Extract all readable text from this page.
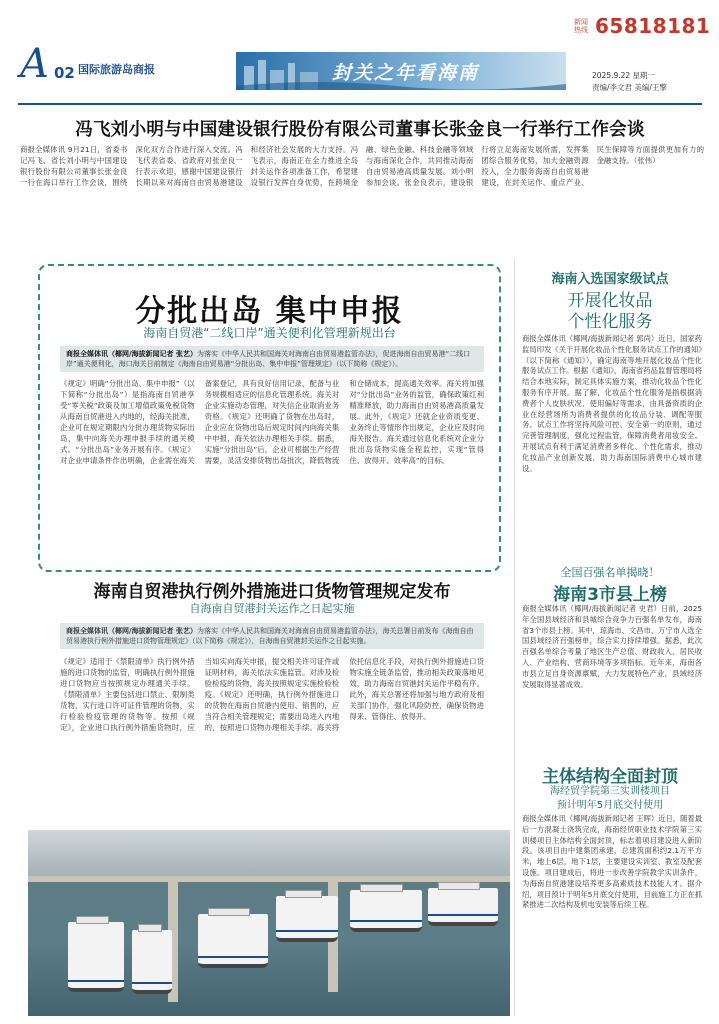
A 02 国际旅游岛商报	封关之年看海南
新闻热线 65818181
2025.9.22 星期一
责编/李文君 美编/王擎
冯飞刘小明与中国建设银行股份有限公司董事长张金良一行举行工作会谈
商报全媒体讯 9月21日，省委书记冯飞、省长刘小明与中国建设银行股份有限公司董事长张金良一行在海口举行工作会谈，围绕深化双方合作进行深入交流。冯飞代表省委、省政府对张金良一行表示欢迎，感谢中国建设银行长期以来对海南自由贸易港建设和经济社会发展的大力支持。冯飞表示，海南正在全力推进全岛封关运作各项准备工作，希望建设银行发挥自身优势，在跨境金融、绿色金融、科技金融等领域与海南深化合作，共同推动海南自由贸易港高质量发展。刘小明参加会谈。张金良表示，建设银行将立足海南发展所需，发挥集团综合服务优势，加大金融资源投入，全力服务海南自由贸易港建设，在封关运作、重点产业、民生保障等方面提供更加有力的金融支持。（张伟）
分批出岛 集中申报
海南自贸港“二线口岸”通关便利化管理新规出台
商报全媒体讯（椰网/海拔新闻记者 张艺）为落实《中华人民共和国海关对海南自由贸易港监管办法》，促进海南自由贸易港“二线口岸”通关便利化，海口海关日前制定《海南自由贸易港“分批出岛、集中申报”管理规定》（以下简称《规定》）。
《规定》明确“分批出岛、集中申报”（以下简称“分批出岛”）是指海南自贸港享受“零关税”政策及加工增值政策免税货物从海南自贸港进入内地的，经海关批准，企业可在规定期限内分批办理货物实际出岛，集中向海关办理申报手续的通关模式。“分批出岛”业务开展有序。《规定》对企业申请条件作出明确，企业需在海关备案登记，具有良好信用记录，配备与业务规模相适应的信息化管理系统。海关对企业实施动态管理，对失信企业取消业务资格。《规定》还明确了货物在出岛时，企业应在货物出岛后规定时间内向海关集中申报，海关依法办理相关手续。据悉，实施“分批出岛”后，企业可根据生产经营需要，灵活安排货物出岛批次，降低物流和仓储成本，提高通关效率。海关将加强对“分批出岛”业务的监管，确保政策红利精准释放，助力海南自由贸易港高质量发展。此外，《规定》还就企业资质变更、业务终止等情形作出规定，企业应及时向海关报告。海关通过信息化系统对企业分批出岛货物实施全程监控，实现“管得住、放得开、效率高”的目标。
海南自贸港执行例外措施进口货物管理规定发布
自海南自贸港封关运作之日起实施
商报全媒体讯（椰网/海拔新闻记者 张艺）为落实《中华人民共和国海关对海南自由贸易港监管办法》，海关总署日前发布《海南自由贸易港执行例外措施进口货物管理规定》（以下简称《规定》），自海南自贸港封关运作之日起实施。
《规定》适用于《禁限清单》执行例外措施的进口货物的监管，明确执行例外措施进口货物应当按照规定办理通关手续。《禁限清单》主要包括进口禁止、限制类货物，实行进口许可证件管理的货物，实行检验检疫管理的货物等。按照《规定》，企业进口执行例外措施货物时，应当如实向海关申报，提交相关许可证件或证明材料，海关依法实施监管。对涉及检验检疫的货物，海关按照规定实施检验检疫。《规定》还明确，执行例外措施进口的货物在海南自贸港内使用、销售的，应当符合相关管理规定；需要出岛进入内地的，按照进口货物办理相关手续。海关将依托信息化手段，对执行例外措施进口货物实施全链条监管，推动相关政策落地见效，助力海南自贸港封关运作平稳有序。此外，海关总署还将加强与地方政府及相关部门协作，强化风险防控，确保货物进得来、管得住、放得开。
海南入选国家级试点
开展化妆品
个性化服务
商报全媒体讯（椰网/海拔新闻记者 郭尚）近日，国家药监局印发《关于开展化妆品个性化服务试点工作的通知》（以下简称《通知》），确定海南等地开展化妆品个性化服务试点工作。根据《通知》，海南省药品监督管理局将结合本地实际，制定具体实施方案，推动化妆品个性化服务有序开展。据了解，化妆品个性化服务是指根据消费者个人皮肤状况、使用偏好等需求，由具备资质的企业在经营场所为消费者提供的化妆品分装、调配等服务。试点工作将坚持风险可控、安全第一的原则，通过完善管理制度，强化过程监管，保障消费者用妆安全。开展试点有利于满足消费者多样化、个性化需求，推动化妆品产业创新发展，助力海南国际消费中心城市建设。
全国百强名单揭晓！
海南3市县上榜
商报全媒体讯（椰网/海拔新闻记者 史君）日前，2025年全国县域经济和县城综合竞争力百强名单发布，海南省3个市县上榜。其中，琼海市、文昌市、万宁市入选全国县域经济百强榜单，综合实力持续增强。据悉，此次百强名单综合考量了地区生产总值、财政收入、居民收入、产业结构、营商环境等多项指标。近年来，海南各市县立足自身资源禀赋，大力发展特色产业，县域经济发展取得显著成效。
主体结构全面封顶
海经贸学院第三实训楼项目
预计明年5月底交付使用
商报全媒体讯（椰网/海拔新闻记者 王晖）近日，随着最后一方混凝土浇筑完成，海南经贸职业技术学院第三实训楼项目主体结构全面封顶，标志着项目建设进入新阶段。该项目由中建集团承建，总建筑面积约2.1万平方米，地上6层，地下1层，主要建设实训室、教室及配套设施。项目建成后，将进一步改善学院教学实训条件，为海南自贸港建设培养更多高素质技术技能人才。据介绍，项目预计于明年5月底交付使用，目前施工方正在抓紧推进二次结构及机电安装等后续工程。
